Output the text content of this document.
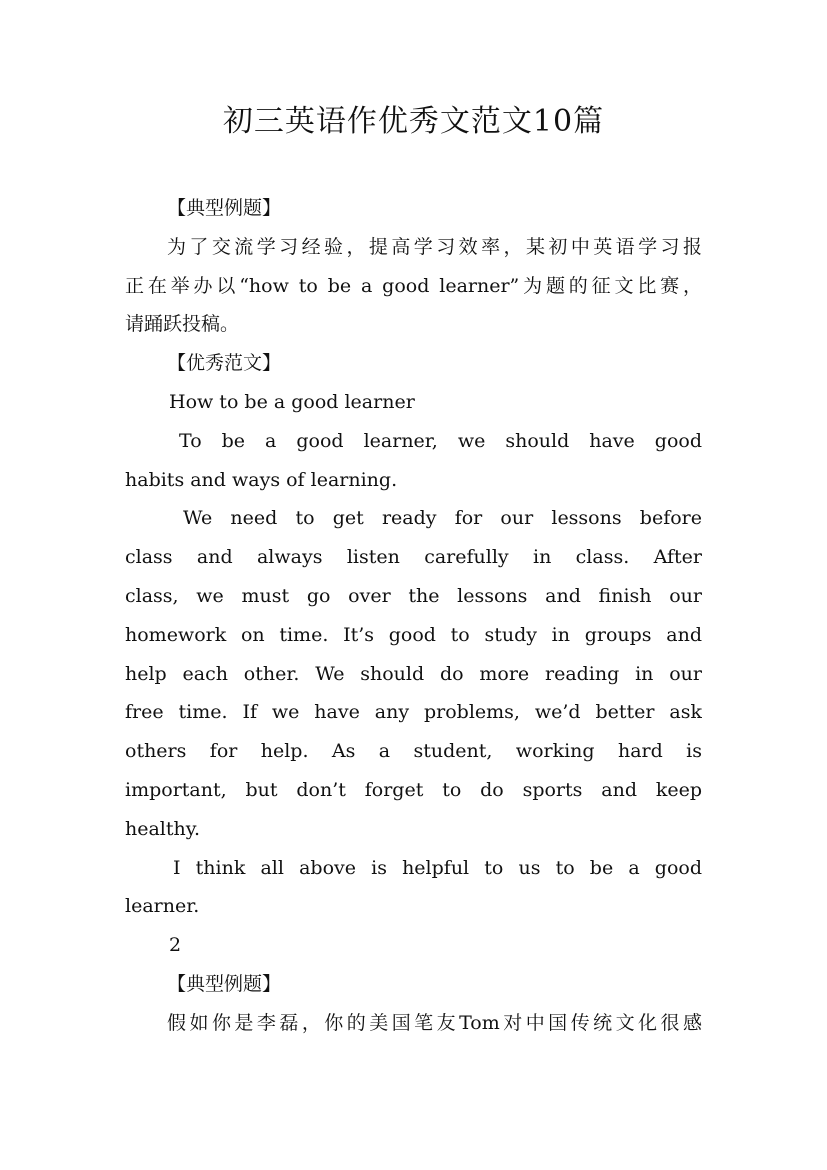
初三英语作优秀文范文10篇
【典型例题】
为了交流学习经验，提高学习效率，某初中英语学习报
正在举办以“how to be a good learner”为题的征文比赛，
请踊跃投稿。
【优秀范文】
How to be a good learner
To be a good learner, we should have good
habits and ways of learning.
We need to get ready for our lessons before
class and always listen carefully in class. After
class, we must go over the lessons and finish our
homework on time. It’s good to study in groups and
help each other. We should do more reading in our
free time. If we have any problems, we’d better ask
others for help. As a student, working hard is
important, but don’t forget to do sports and keep
healthy.
I think all above is helpful to us to be a good
learner.
2
【典型例题】
假如你是李磊，你的美国笔友Tom对中国传统文化很感
